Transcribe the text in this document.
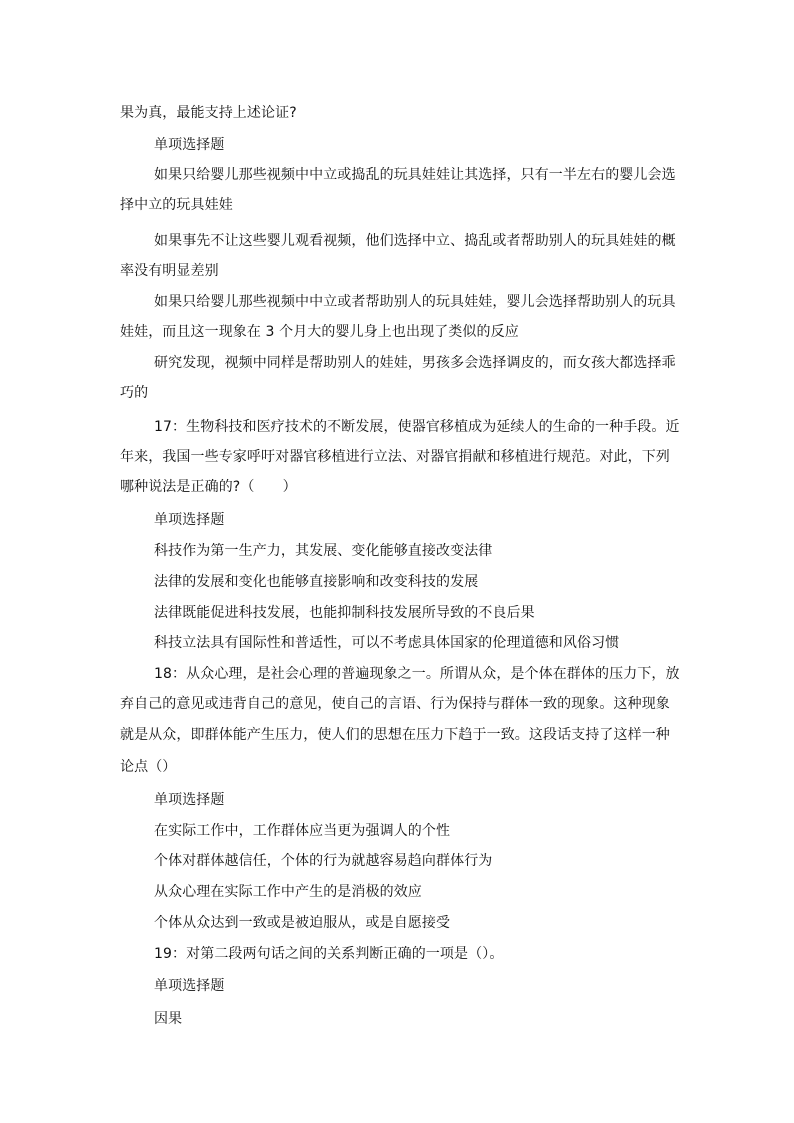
果为真，最能支持上述论证?
单项选择题
如果只给婴儿那些视频中中立或捣乱的玩具娃娃让其选择，只有一半左右的婴儿会选
择中立的玩具娃娃
如果事先不让这些婴儿观看视频，他们选择中立、捣乱或者帮助别人的玩具娃娃的概
率没有明显差别
如果只给婴儿那些视频中中立或者帮助别人的玩具娃娃，婴儿会选择帮助别人的玩具
娃娃，而且这一现象在 3 个月大的婴儿身上也出现了类似的反应
研究发现，视频中同样是帮助别人的娃娃，男孩多会选择调皮的，而女孩大都选择乖
巧的
17：生物科技和医疗技术的不断发展，使器官移植成为延续人的生命的一种手段。近
年来，我国一些专家呼吁对器官移植进行立法、对器官捐献和移植进行规范。对此，下列
哪种说法是正确的?（　　）
单项选择题
科技作为第一生产力，其发展、变化能够直接改变法律
法律的发展和变化也能够直接影响和改变科技的发展
法律既能促进科技发展，也能抑制科技发展所导致的不良后果
科技立法具有国际性和普适性，可以不考虑具体国家的伦理道德和风俗习惯
18：从众心理，是社会心理的普遍现象之一。所谓从众，是个体在群体的压力下，放
弃自己的意见或违背自己的意见，使自己的言语、行为保持与群体一致的现象。这种现象
就是从众，即群体能产生压力，使人们的思想在压力下趋于一致。这段话支持了这样一种
论点（）
单项选择题
在实际工作中，工作群体应当更为强调人的个性
个体对群体越信任，个体的行为就越容易趋向群体行为
从众心理在实际工作中产生的是消极的效应
个体从众达到一致或是被迫服从，或是自愿接受
19：对第二段两句话之间的关系判断正确的一项是（）。
单项选择题
因果
